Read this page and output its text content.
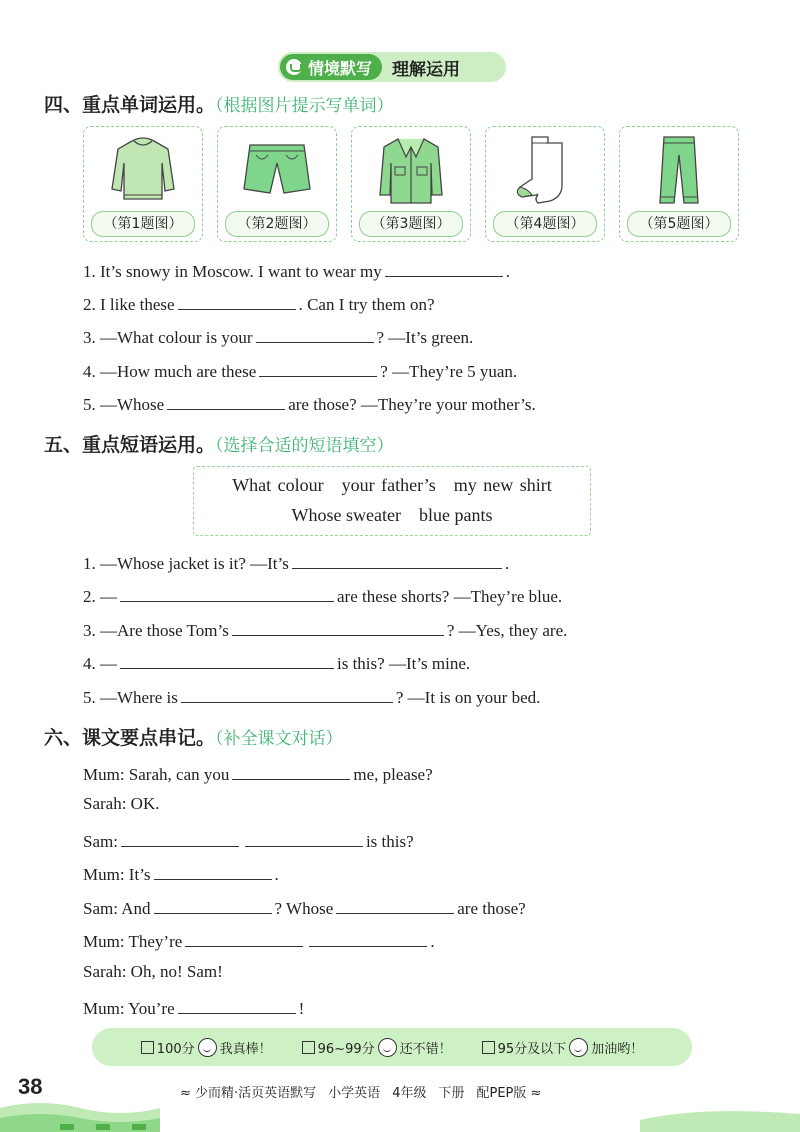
情境默写 理解运用
四、重点单词运用。（根据图片提示写单词）
（第1题图）	（第2题图）	（第3题图）	（第4题图）	（第5题图）
1. It’s snowy in Moscow. I want to wear my	.
2. I like these	. Can I try them on?
3. —What colour is your	? —It’s green.
4. —How much are these	? —They’re 5 yuan.
5. —Whose	are those? —They’re your mother’s.
五、重点短语运用。（选择合适的短语填空）
What colour your father’s my new shirt
Whose sweater blue pants
1. —Whose jacket is it? —It’s	.
2. —	are these shorts? —They’re blue.
3. —Are those Tom’s	? —Yes, they are.
4. —	is this? —It’s mine.
5. —Where is	? —It is on your bed.
六、课文要点串记。（补全课文对话）
Mum: Sarah, can you	me, please?
Sarah: OK.
Sam:	is this?
Mum: It’s	.
Sam: And	? Whose	are those?
Mum: They’re	.
Sarah: Oh, no! Sam!
Mum: You’re	!
100分 我真棒！	96~99分 还不错！	95分及以下 加油哟！
38	≈ 少而精·活页英语默写 小学英语 4年级 下册 配PEP版 ≈
